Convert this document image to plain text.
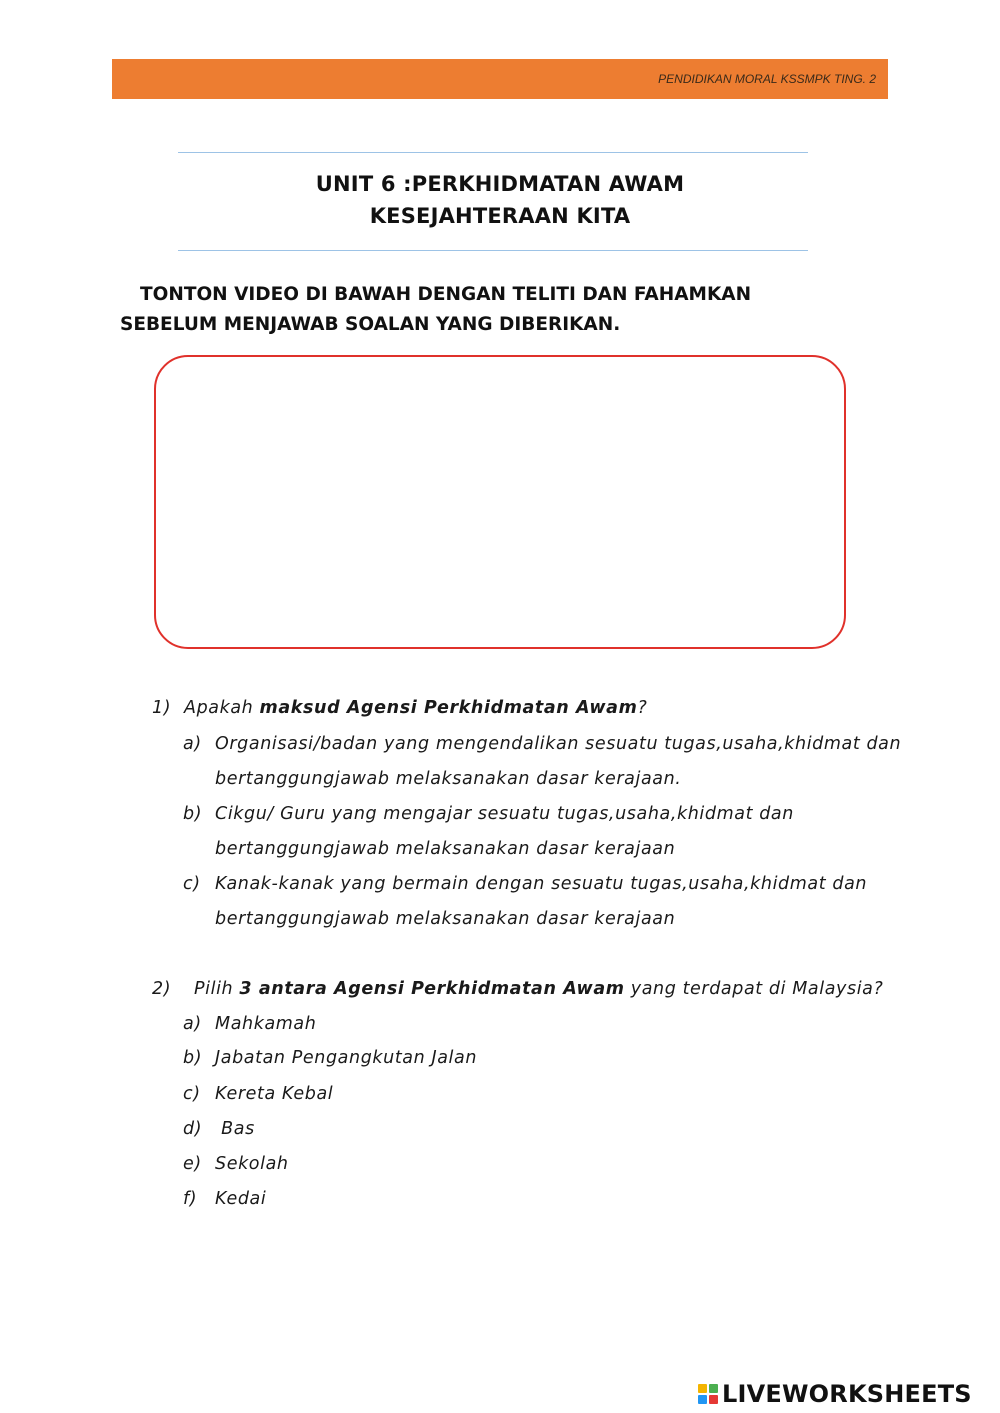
PENDIDIKAN MORAL KSSMPK TING. 2
UNIT 6 :PERKHIDMATAN AWAM
KESEJAHTERAAN KITA
TONTON VIDEO DI BAWAH DENGAN TELITI DAN FAHAMKAN
SEBELUM MENJAWAB SOALAN YANG DIBERIKAN.
1) Apakah maksud Agensi Perkhidmatan Awam?
a) Organisasi/badan yang mengendalikan sesuatu tugas,usaha,khidmat dan
bertanggungjawab melaksanakan dasar kerajaan.
b) Cikgu/ Guru yang mengajar sesuatu tugas,usaha,khidmat dan
bertanggungjawab melaksanakan dasar kerajaan
c) Kanak-kanak yang bermain dengan sesuatu tugas,usaha,khidmat dan
bertanggungjawab melaksanakan dasar kerajaan
2) Pilih 3 antara Agensi Perkhidmatan Awam yang terdapat di Malaysia?
a) Mahkamah
b) Jabatan Pengangkutan Jalan
c) Kereta Kebal
d) Bas
e) Sekolah
f) Kedai
LIVEWORKSHEETS
